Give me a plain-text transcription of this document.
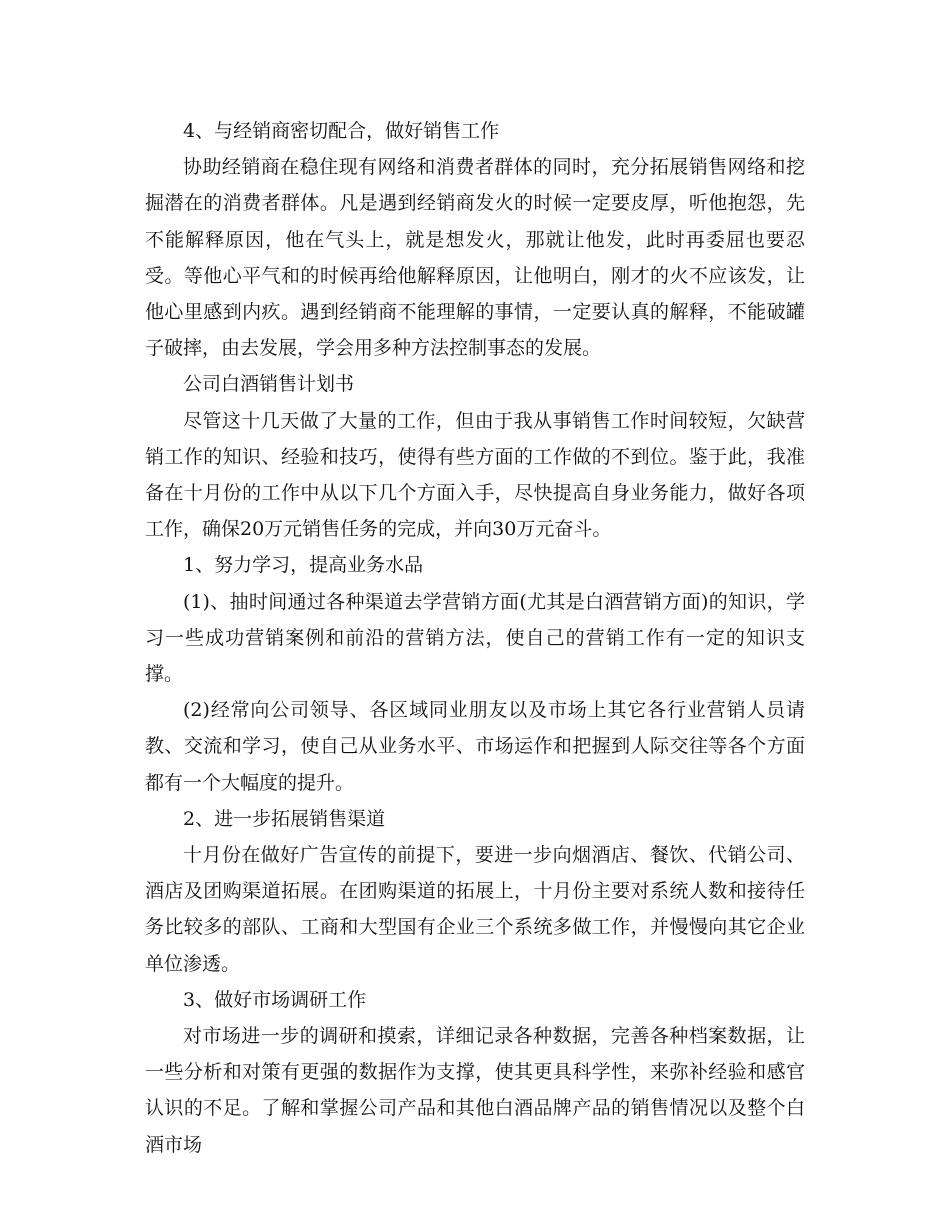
4、与经销商密切配合，做好销售工作

协助经销商在稳住现有网络和消费者群体的同时，充分拓展销售网络和挖掘潜在的消费者群体。凡是遇到经销商发火的时候一定要皮厚，听他抱怨，先不能解释原因，他在气头上，就是想发火，那就让他发，此时再委屈也要忍受。等他心平气和的时候再给他解释原因，让他明白，刚才的火不应该发，让他心里感到内疚。遇到经销商不能理解的事情，一定要认真的解释，不能破罐子破摔，由去发展，学会用多种方法控制事态的发展。

公司白酒销售计划书

尽管这十几天做了大量的工作，但由于我从事销售工作时间较短，欠缺营销工作的知识、经验和技巧，使得有些方面的工作做的不到位。鉴于此，我准备在十月份的工作中从以下几个方面入手，尽快提高自身业务能力，做好各项工作，确保20万元销售任务的完成，并向30万元奋斗。

1、努力学习，提高业务水品

(1)、抽时间通过各种渠道去学营销方面(尤其是白酒营销方面)的知识，学习一些成功营销案例和前沿的营销方法，使自己的营销工作有一定的知识支撑。

(2)经常向公司领导、各区域同业朋友以及市场上其它各行业营销人员请教、交流和学习，使自己从业务水平、市场运作和把握到人际交往等各个方面都有一个大幅度的提升。

2、进一步拓展销售渠道

十月份在做好广告宣传的前提下，要进一步向烟酒店、餐饮、代销公司、酒店及团购渠道拓展。在团购渠道的拓展上，十月份主要对系统人数和接待任务比较多的部队、工商和大型国有企业三个系统多做工作，并慢慢向其它企业单位渗透。

3、做好市场调研工作

对市场进一步的调研和摸索，详细记录各种数据，完善各种档案数据，让一些分析和对策有更强的数据作为支撑，使其更具科学性，来弥补经验和感官认识的不足。了解和掌握公司产品和其他白酒品牌产品的销售情况以及整个白酒市场
